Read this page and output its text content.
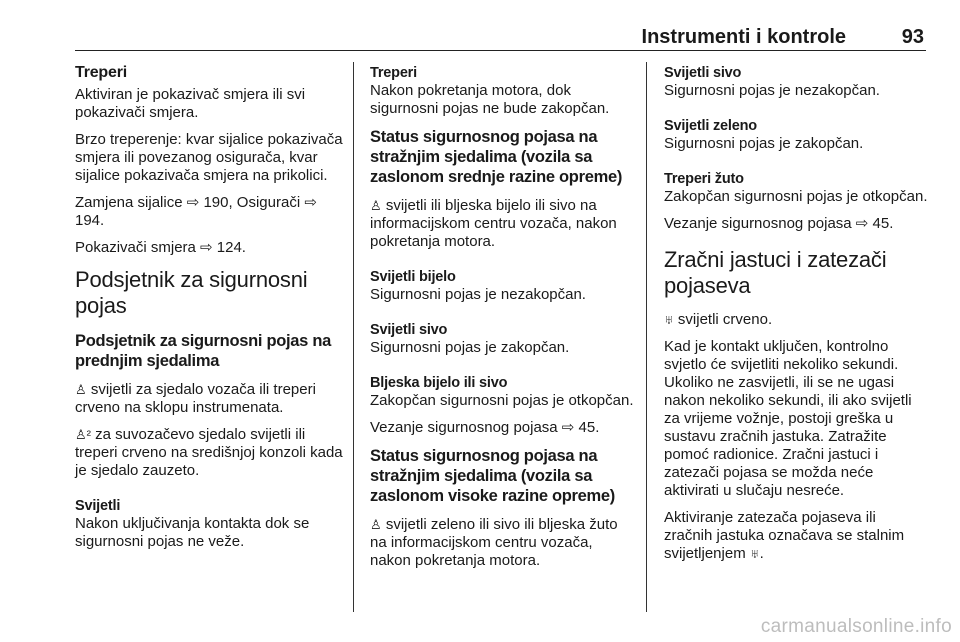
Instrumenti i kontrole	93

Treperi

Aktiviran je pokazivač smjera ili svi pokazivači smjera.

Brzo treperenje: kvar sijalice pokazivača smjera ili povezanog osigurača, kvar sijalice pokazivača smjera na prikolici.

Zamjena sijalice ⇨ 190, Osigurači ⇨ 194.

Pokazivači smjera ⇨ 124.

Podsjetnik za sigurnosni pojas
Podsjetnik za sigurnosni pojas na prednjim sjedalima

♙ svijetli za sjedalo vozača ili treperi crveno na sklopu instrumenata.

♙² za suvozačevo sjedalo svijetli ili treperi crveno na središnjoj konzoli kada je sjedalo zauzeto.

Svijetli

Nakon uključivanja kontakta dok se sigurnosni pojas ne veže.

Treperi

Nakon pokretanja motora, dok sigurnosni pojas ne bude zakopčan.

Status sigurnosnog pojasa na stražnjim sjedalima (vozila sa zaslonom srednje razine opreme)

♙ svijetli ili bljeska bijelo ili sivo na informacijskom centru vozača, nakon pokretanja motora.

Svijetli bijelo

Sigurnosni pojas je nezakopčan.

Svijetli sivo

Sigurnosni pojas je zakopčan.

Bljeska bijelo ili sivo

Zakopčan sigurnosni pojas je otkopčan.

Vezanje sigurnosnog pojasa ⇨ 45.

Status sigurnosnog pojasa na stražnjim sjedalima (vozila sa zaslonom visoke razine opreme)

♙ svijetli zeleno ili sivo ili bljeska žuto na informacijskom centru vozača, nakon pokretanja motora.

Svijetli sivo

Sigurnosni pojas je nezakopčan.

Svijetli zeleno

Sigurnosni pojas je zakopčan.

Treperi žuto

Zakopčan sigurnosni pojas je otkopčan.

Vezanje sigurnosnog pojasa ⇨ 45.

Zračni jastuci i zatezači pojaseva

♅ svijetli crveno.

Kad je kontakt uključen, kontrolno svjetlo će svijetliti nekoliko sekundi. Ukoliko ne zasvijetli, ili se ne ugasi nakon nekoliko sekundi, ili ako svijetli za vrijeme vožnje, postoji greška u sustavu zračnih jastuka. Zatražite pomoć radionice. Zračni jastuci i zatezači pojasa se možda neće aktivirati u slučaju nesreće.

Aktiviranje zatezača pojaseva ili zračnih jastuka označava se stalnim svijetljenjem ♅.

carmanualsonline.info
